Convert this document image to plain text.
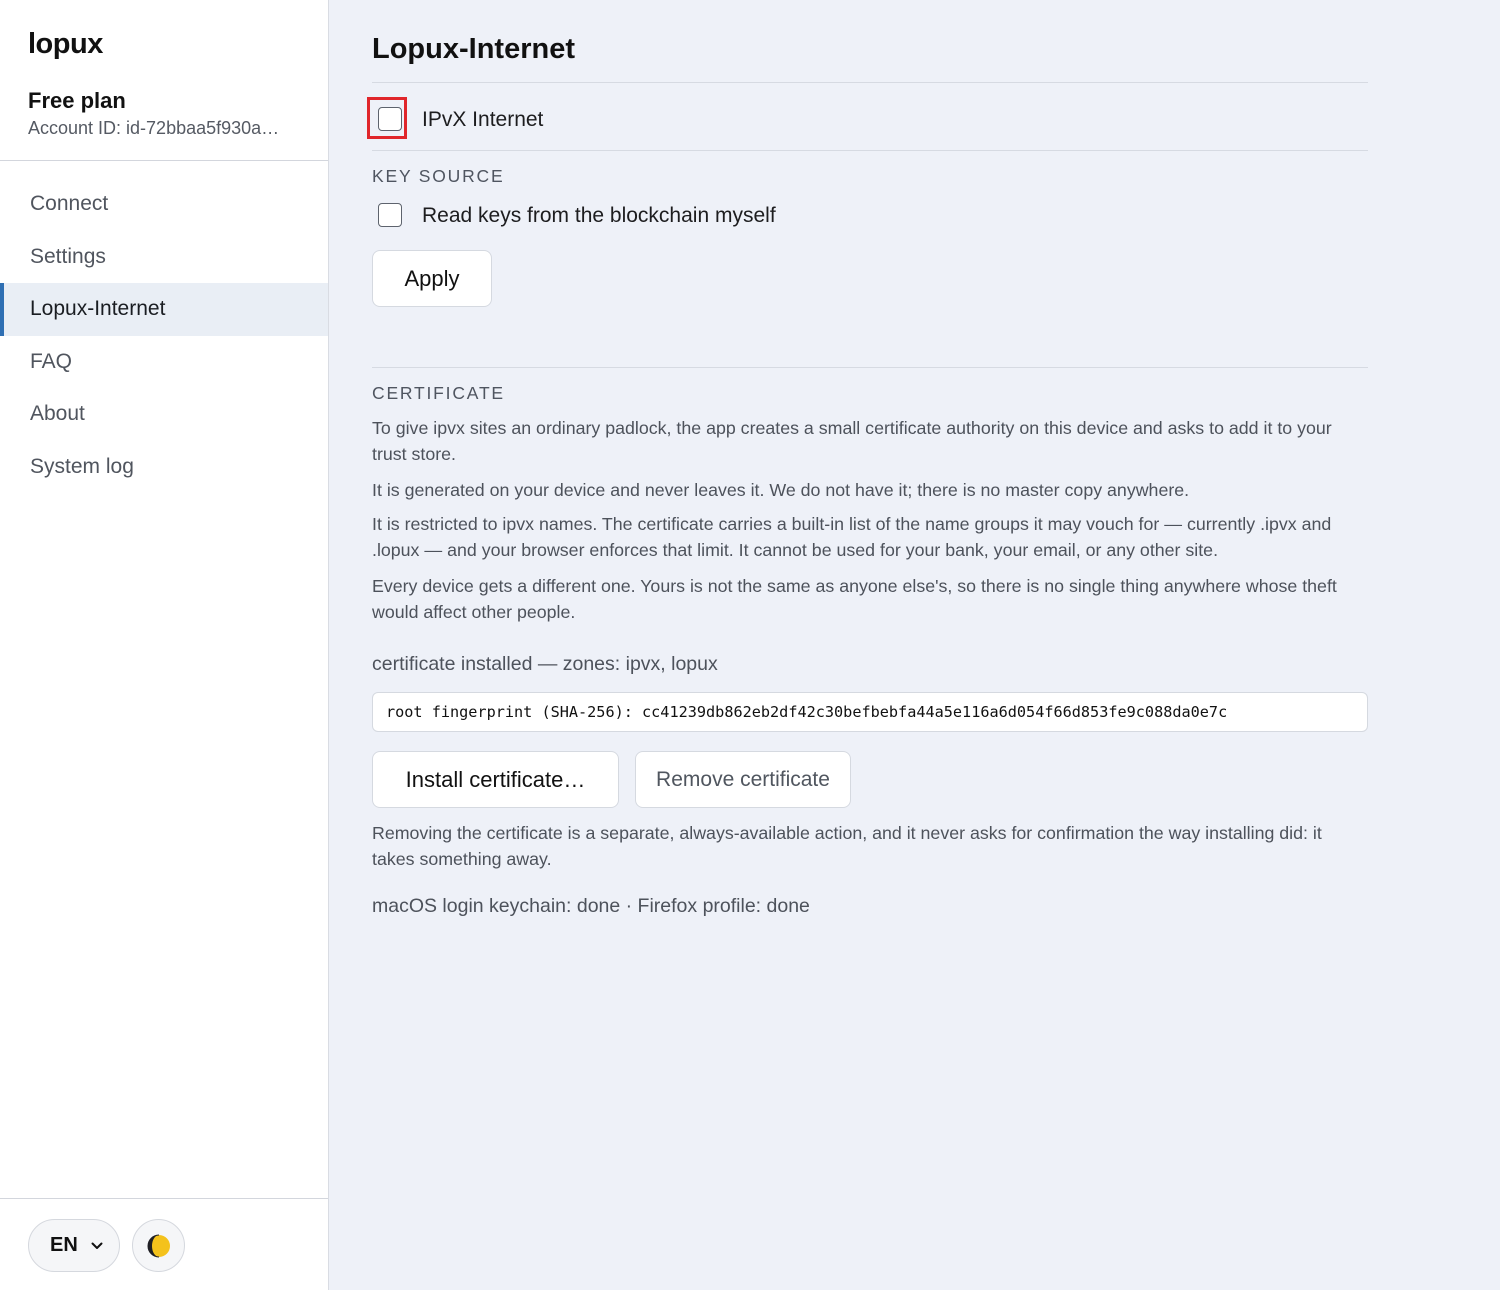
lopux
Free plan
Account ID: id-72bbaa5f930a…
Connect
Settings
Lopux-Internet
FAQ
About
System log
EN
Lopux-Internet
IPvX Internet
KEY SOURCE
Read keys from the blockchain myself
Apply
CERTIFICATE

To give ipvx sites an ordinary padlock, the app creates a small certificate authority on this device and asks to add it to your trust store.

It is generated on your device and never leaves it. We do not have it; there is no master copy anywhere.

It is restricted to ipvx names. The certificate carries a built-in list of the name groups it may vouch for — currently .ipvx and .lopux — and your browser enforces that limit. It cannot be used for your bank, your email, or any other site.

Every device gets a different one. Yours is not the same as anyone else's, so there is no single thing anywhere whose theft would affect other people.

certificate installed — zones: ipvx, lopux
root fingerprint (SHA-256): cc41239db862eb2df42c30befbebfa44a5e116a6d054f66d853fe9c088da0e7c
Install certificate…	Remove certificate

Removing the certificate is a separate, always-available action, and it never asks for confirmation the way installing did: it takes something away.

macOS login keychain: done · Firefox profile: done
